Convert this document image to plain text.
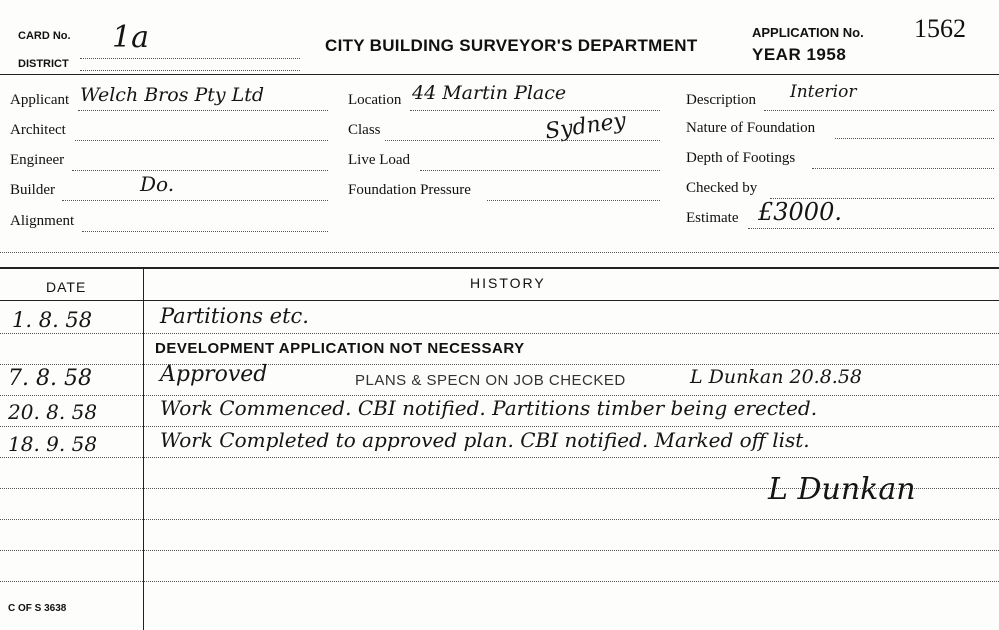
CARD No. 1a
DISTRICT
CITY BUILDING SURVEYOR'S DEPARTMENT
APPLICATION No. 1562
YEAR 1958
Applicant Welch Bros Pty Ltd
Architect
Engineer
Builder	Do.
Alignment
Location 44 Martin Place
Class	Sydney
Live Load
Foundation Pressure
Description Interior
Nature of Foundation
Depth of Footings
Checked by
Estimate £3000.
DATE	HISTORY
1. 8. 58	Partitions etc.
DEVELOPMENT APPLICATION NOT NECESSARY
7. 8. 58	Approved	PLANS & SPECN ON JOB CHECKED	L Dunkan 20.8.58
20. 8. 58	Work Commenced. CBI notified. Partitions timber being erected.
18. 9. 58	Work Completed to approved plan. CBI notified. Marked off list.
L Dunkan
C OF S 3638
